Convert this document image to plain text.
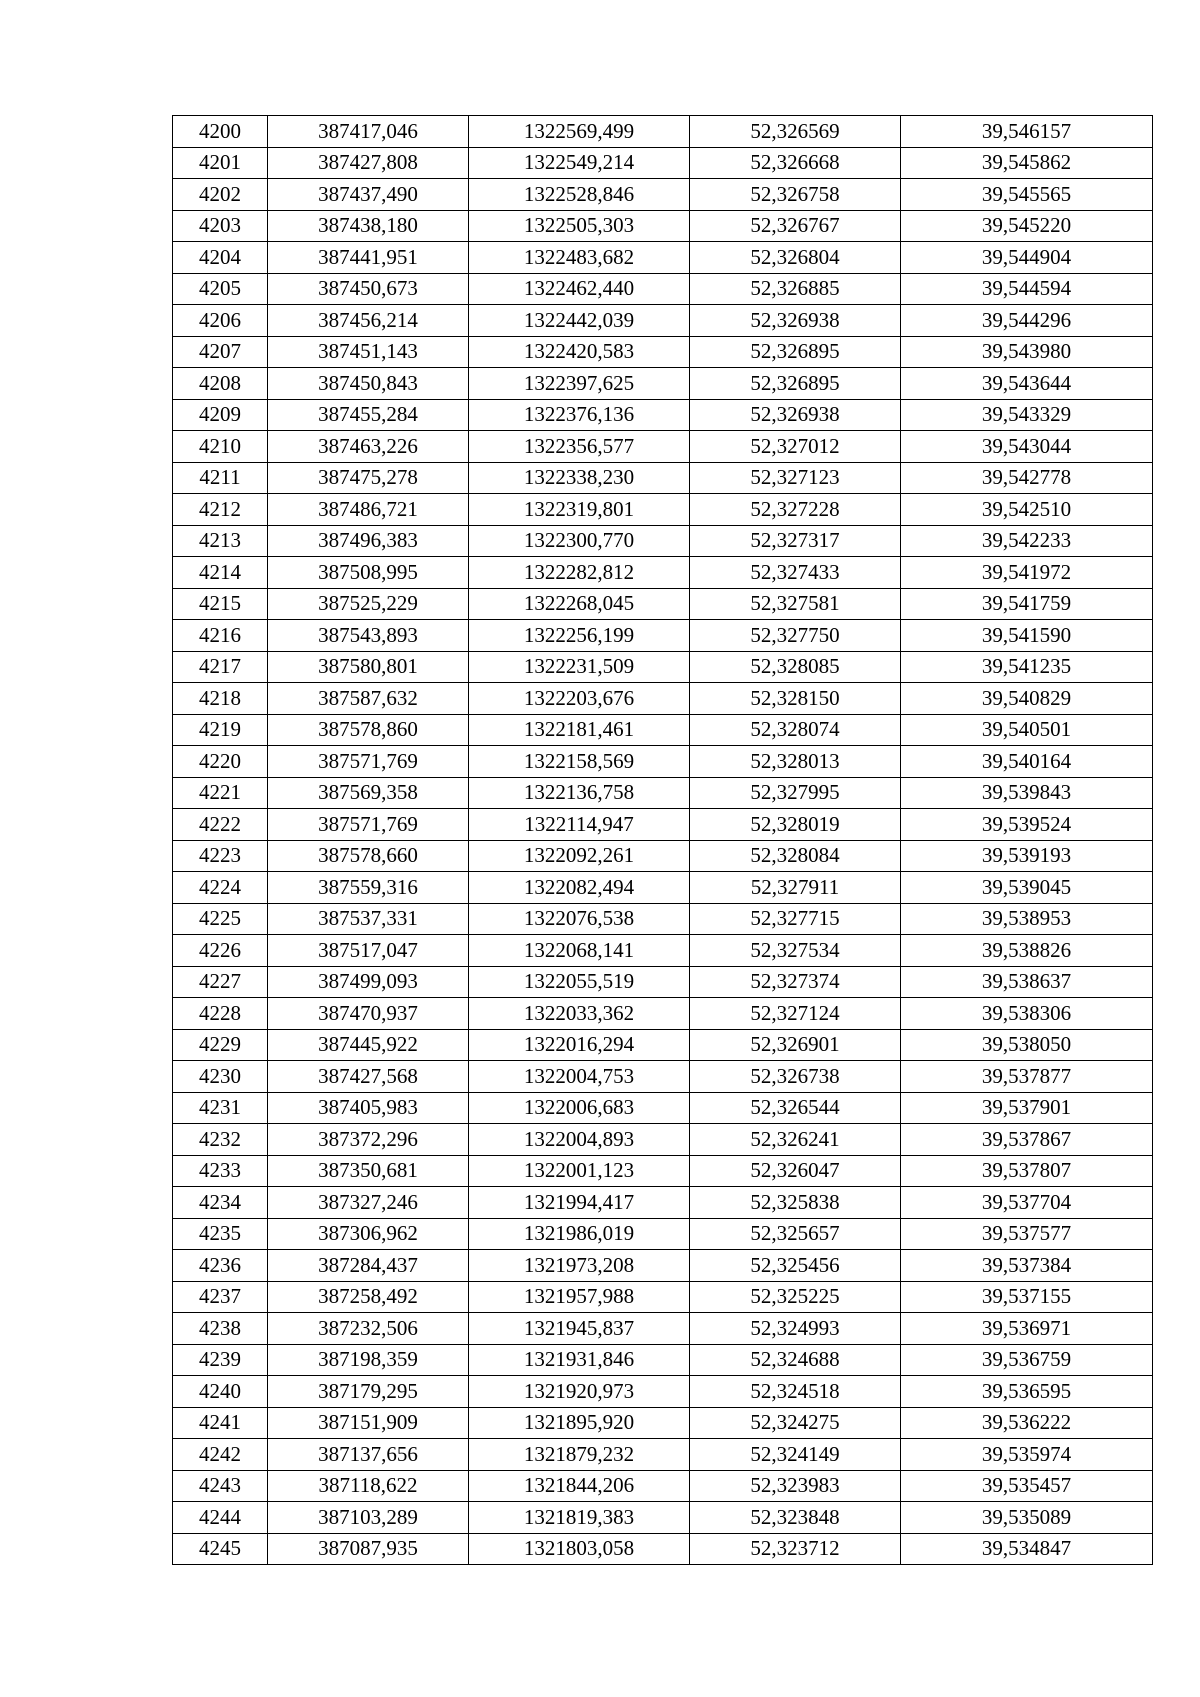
4200	387417,046	1322569,499	52,326569	39,546157
4201	387427,808	1322549,214	52,326668	39,545862
4202	387437,490	1322528,846	52,326758	39,545565
4203	387438,180	1322505,303	52,326767	39,545220
4204	387441,951	1322483,682	52,326804	39,544904
4205	387450,673	1322462,440	52,326885	39,544594
4206	387456,214	1322442,039	52,326938	39,544296
4207	387451,143	1322420,583	52,326895	39,543980
4208	387450,843	1322397,625	52,326895	39,543644
4209	387455,284	1322376,136	52,326938	39,543329
4210	387463,226	1322356,577	52,327012	39,543044
4211	387475,278	1322338,230	52,327123	39,542778
4212	387486,721	1322319,801	52,327228	39,542510
4213	387496,383	1322300,770	52,327317	39,542233
4214	387508,995	1322282,812	52,327433	39,541972
4215	387525,229	1322268,045	52,327581	39,541759
4216	387543,893	1322256,199	52,327750	39,541590
4217	387580,801	1322231,509	52,328085	39,541235
4218	387587,632	1322203,676	52,328150	39,540829
4219	387578,860	1322181,461	52,328074	39,540501
4220	387571,769	1322158,569	52,328013	39,540164
4221	387569,358	1322136,758	52,327995	39,539843
4222	387571,769	1322114,947	52,328019	39,539524
4223	387578,660	1322092,261	52,328084	39,539193
4224	387559,316	1322082,494	52,327911	39,539045
4225	387537,331	1322076,538	52,327715	39,538953
4226	387517,047	1322068,141	52,327534	39,538826
4227	387499,093	1322055,519	52,327374	39,538637
4228	387470,937	1322033,362	52,327124	39,538306
4229	387445,922	1322016,294	52,326901	39,538050
4230	387427,568	1322004,753	52,326738	39,537877
4231	387405,983	1322006,683	52,326544	39,537901
4232	387372,296	1322004,893	52,326241	39,537867
4233	387350,681	1322001,123	52,326047	39,537807
4234	387327,246	1321994,417	52,325838	39,537704
4235	387306,962	1321986,019	52,325657	39,537577
4236	387284,437	1321973,208	52,325456	39,537384
4237	387258,492	1321957,988	52,325225	39,537155
4238	387232,506	1321945,837	52,324993	39,536971
4239	387198,359	1321931,846	52,324688	39,536759
4240	387179,295	1321920,973	52,324518	39,536595
4241	387151,909	1321895,920	52,324275	39,536222
4242	387137,656	1321879,232	52,324149	39,535974
4243	387118,622	1321844,206	52,323983	39,535457
4244	387103,289	1321819,383	52,323848	39,535089
4245	387087,935	1321803,058	52,323712	39,534847
